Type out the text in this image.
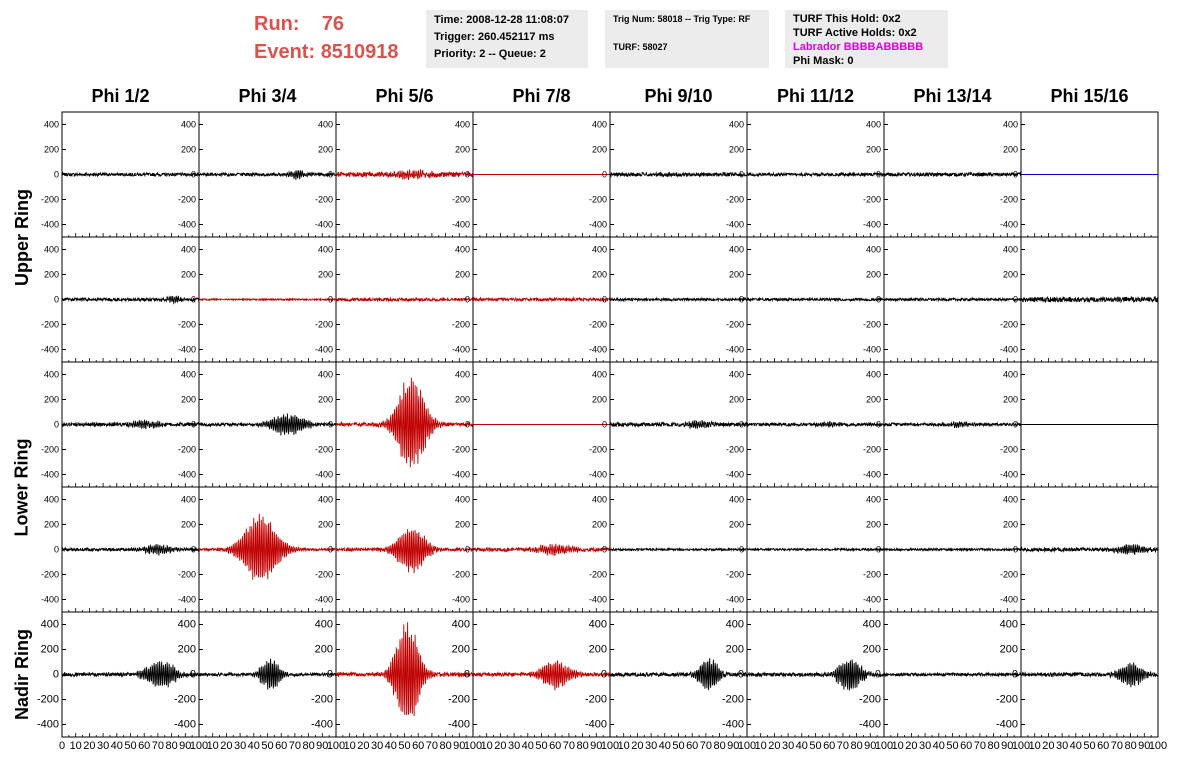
Run: 76
Event: 8510918
Time: 2008-12-28 11:08:07
Trigger: 260.452117 ms
Priority: 2 -- Queue: 2
Trig Num: 58018 -- Trig Type: RF
TURF: 58027
TURF This Hold: 0x2
TURF Active Holds: 0x2
Labrador BBBBABBBBB
Phi Mask: 0
Phi 1/2	Phi 3/4	Phi 5/6	Phi 7/8	Phi 9/10	Phi 11/12	Phi 13/14	Phi 15/16
Upper Ring
Lower Ring
Nadir Ring
400
200
0
-200
-400
400
200
0
-200
-400
400
200
0
-200
-400
400
200
0
-200
-400
400
200
0
-200
-400
400
200
0
-200
-400
400
200
0
-200
-400
400
200
0
-200
-400
400
200
0
-200
-400
400
200
0
-200
-400
400
200
0
-200
-400
400
200
0
-200
-400
400
200
0
-200
-400
400
200
0
-200
-400
400
200
0
-200
-400
400
200
0
-200
-400
400
200
0
-200
-400
400
200
0
-200
-400
400
200
0
-200
-400
400
200
0
-200
-400
400
200
0
-200
-400
400
200
0
-200
-400
400
200
0
-200
-400
400
200
0
-200
-400
400
200
0
-200
-400
400
200
0
-200
-400
400
200
0
-200
-400
400
200
0
-200
-400
400
200
0
-200
-400
400
200
0
-200
-400
400
200
0
-200
-400
400
200
0
-200
-400
400
200
0
-200
-400
400
200
0
-200
-400
400
200
0
-200
-400
400
200
0
-200
-400
400
200
0
-200
-400
400
200
0
-200
-400
400
200
0
-200
-400
400
200
0
-200
-400
0 10 20 30 40 50 60 70 80 90
100
10 20 30 40 50 60 70 80 90
100
10 20 30 40 50 60 70 80 90
100
10 20 30 40 50 60 70 80 90
100
10 20 30 40 50 60 70 80 90
100
10 20 30 40 50 60 70 80 90
100
10 20 30 40 50 60 70 80 90
100
10 20 30 40 50 60 70 80 90
100
